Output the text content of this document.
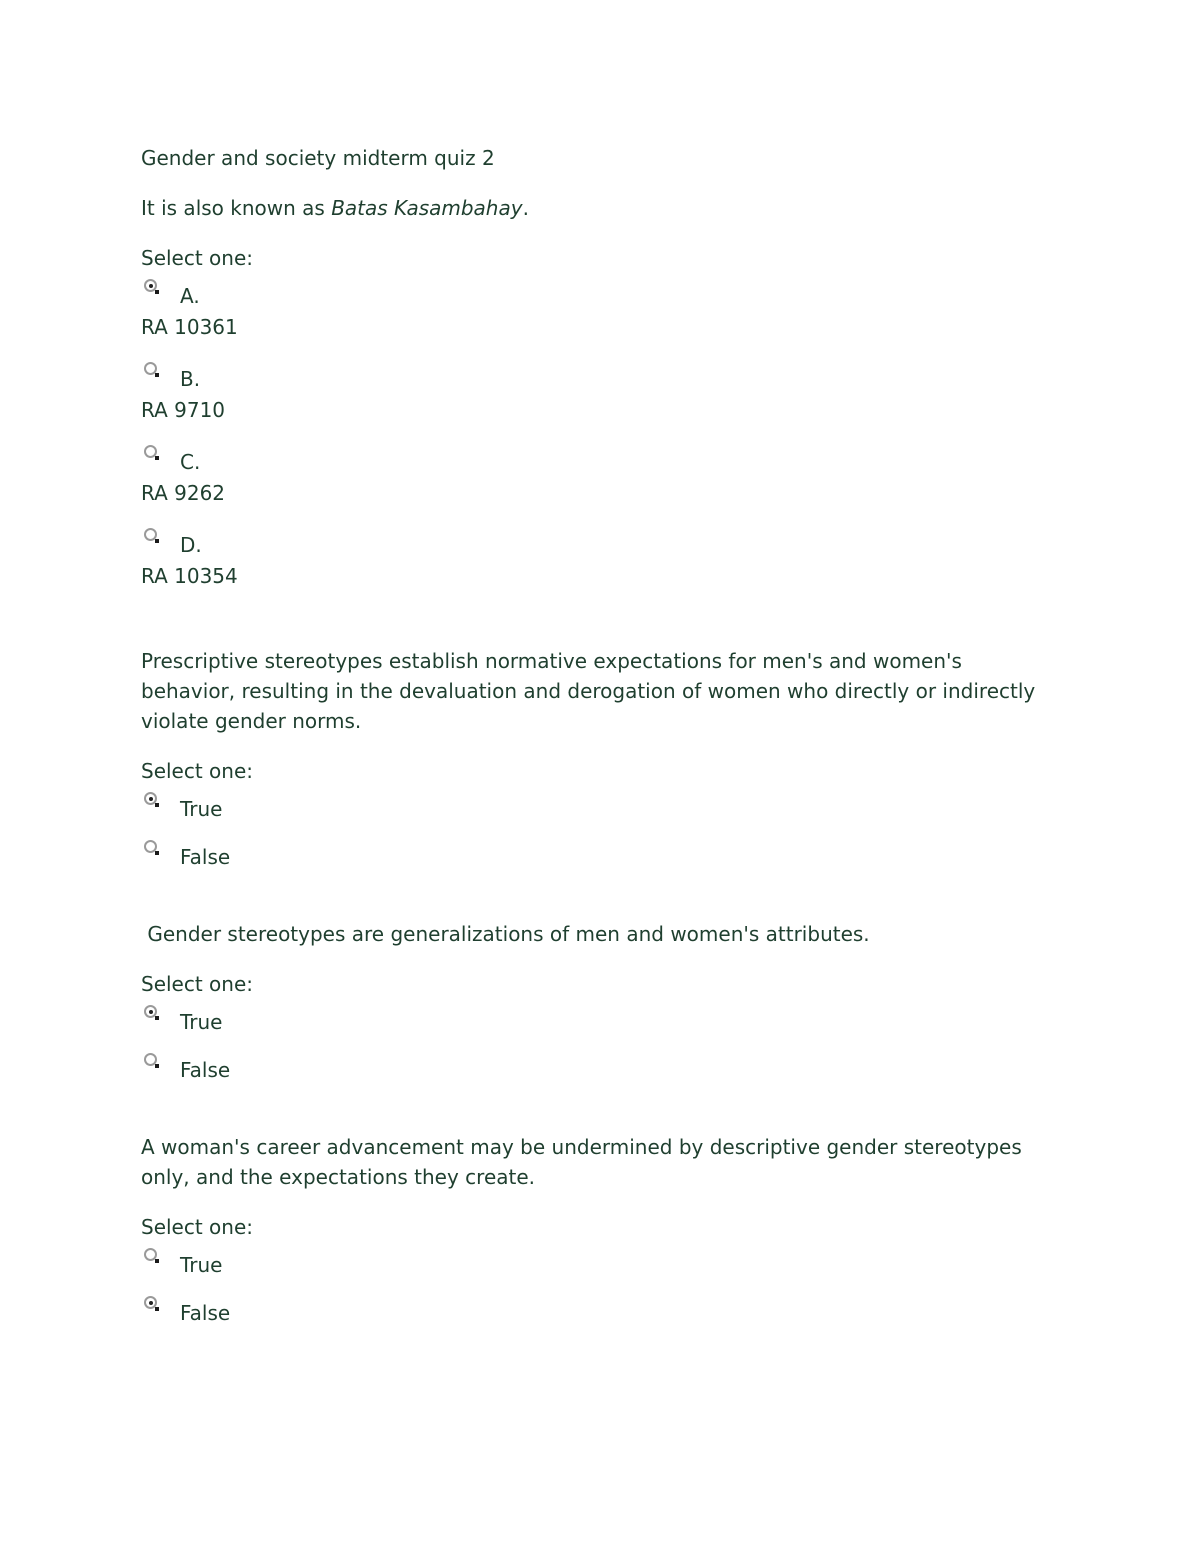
Gender and society midterm quiz 2
It is also known as Batas Kasambahay.
Select one:
A.
RA 10361
B.
RA 9710
C.
RA 9262
D.
RA 10354
Prescriptive stereotypes establish normative expectations for men's and women's behavior, resulting in the devaluation and derogation of women who directly or indirectly violate gender norms.
Select one:
True
False
Gender stereotypes are generalizations of men and women's attributes.
Select one:
True
False
A woman's career advancement may be undermined by descriptive gender stereotypes only, and the expectations they create.
Select one:
True
False
